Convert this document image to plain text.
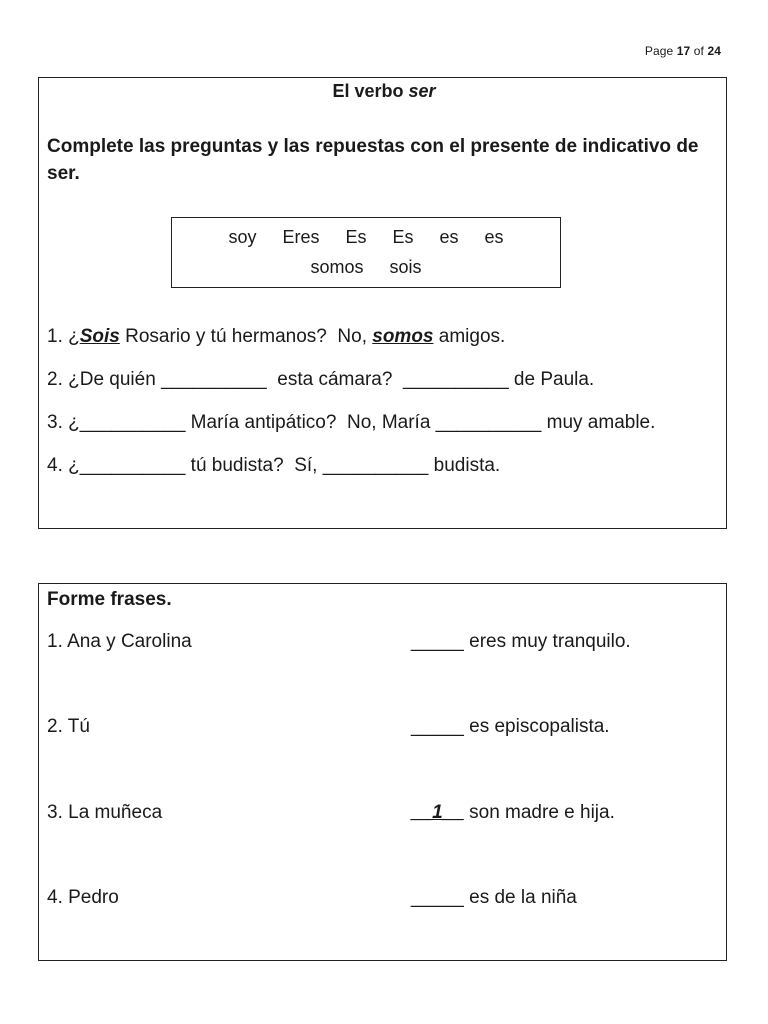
Page 17 of 24
El verbo ser
Complete las preguntas y las repuestas con el presente de indicativo de ser.
soy Eres Es Es es es
somos sois
1. ¿Sois Rosario y tú hermanos?  No, somos amigos.
2. ¿De quién __________  esta cámara?  __________ de Paula.
3. ¿__________ María antipático?  No, María __________ muy amable.
4. ¿__________ tú budista?  Sí, __________ budista.
Forme frases.
1. Ana y Carolina
2. Tú
3. La muñeca
4. Pedro
_____ eres muy tranquilo.
_____ es episcopalista.
__1__ son madre e hija.
_____ es de la niña
